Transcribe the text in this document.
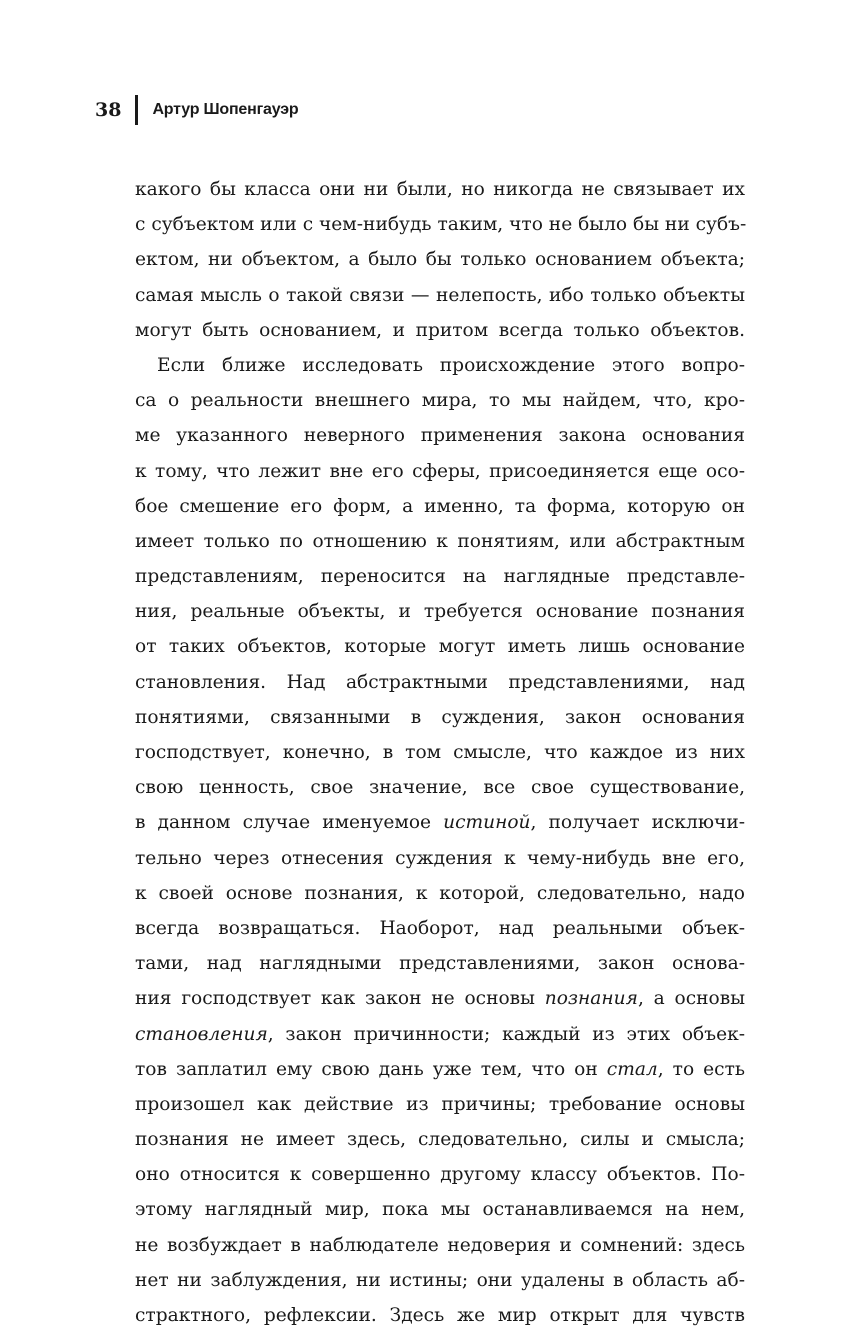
38 Артур Шопенгауэр
какого бы класса они ни были, но никогда не связывает их
с субъектом или с чем-нибудь таким, что не было бы ни субъ-
ектом, ни объектом, а было бы только основанием объекта;
самая мысль о такой связи — нелепость, ибо только объекты
могут быть основанием, и притом всегда только объектов.
Если ближе исследовать происхождение этого вопро-
са о реальности внешнего мира, то мы найдем, что, кро-
ме указанного неверного применения закона основания
к тому, что лежит вне его сферы, присоединяется еще осо-
бое смешение его форм, а именно, та форма, которую он
имеет только по отношению к понятиям, или абстрактным
представлениям, переносится на наглядные представле-
ния, реальные объекты, и требуется основание познания
от таких объектов, которые могут иметь лишь основание
становления. Над абстрактными представлениями, над
понятиями, связанными в суждения, закон основания
господствует, конечно, в том смысле, что каждое из них
свою ценность, свое значение, все свое существование,
в данном случае именуемое истиной, получает исключи-
тельно через отнесения суждения к чему-нибудь вне его,
к своей основе познания, к которой, следовательно, надо
всегда возвращаться. Наоборот, над реальными объек-
тами, над наглядными представлениями, закон основа-
ния господствует как закон не основы познания, а основы
становления, закон причинности; каждый из этих объек-
тов заплатил ему свою дань уже тем, что он стал, то есть
произошел как действие из причины; требование основы
познания не имеет здесь, следовательно, силы и смысла;
оно относится к совершенно другому классу объектов. По-
этому наглядный мир, пока мы останавливаемся на нем,
не возбуждает в наблюдателе недоверия и сомнений: здесь
нет ни заблуждения, ни истины; они удалены в область аб-
страктного, рефлексии. Здесь же мир открыт для чувств
